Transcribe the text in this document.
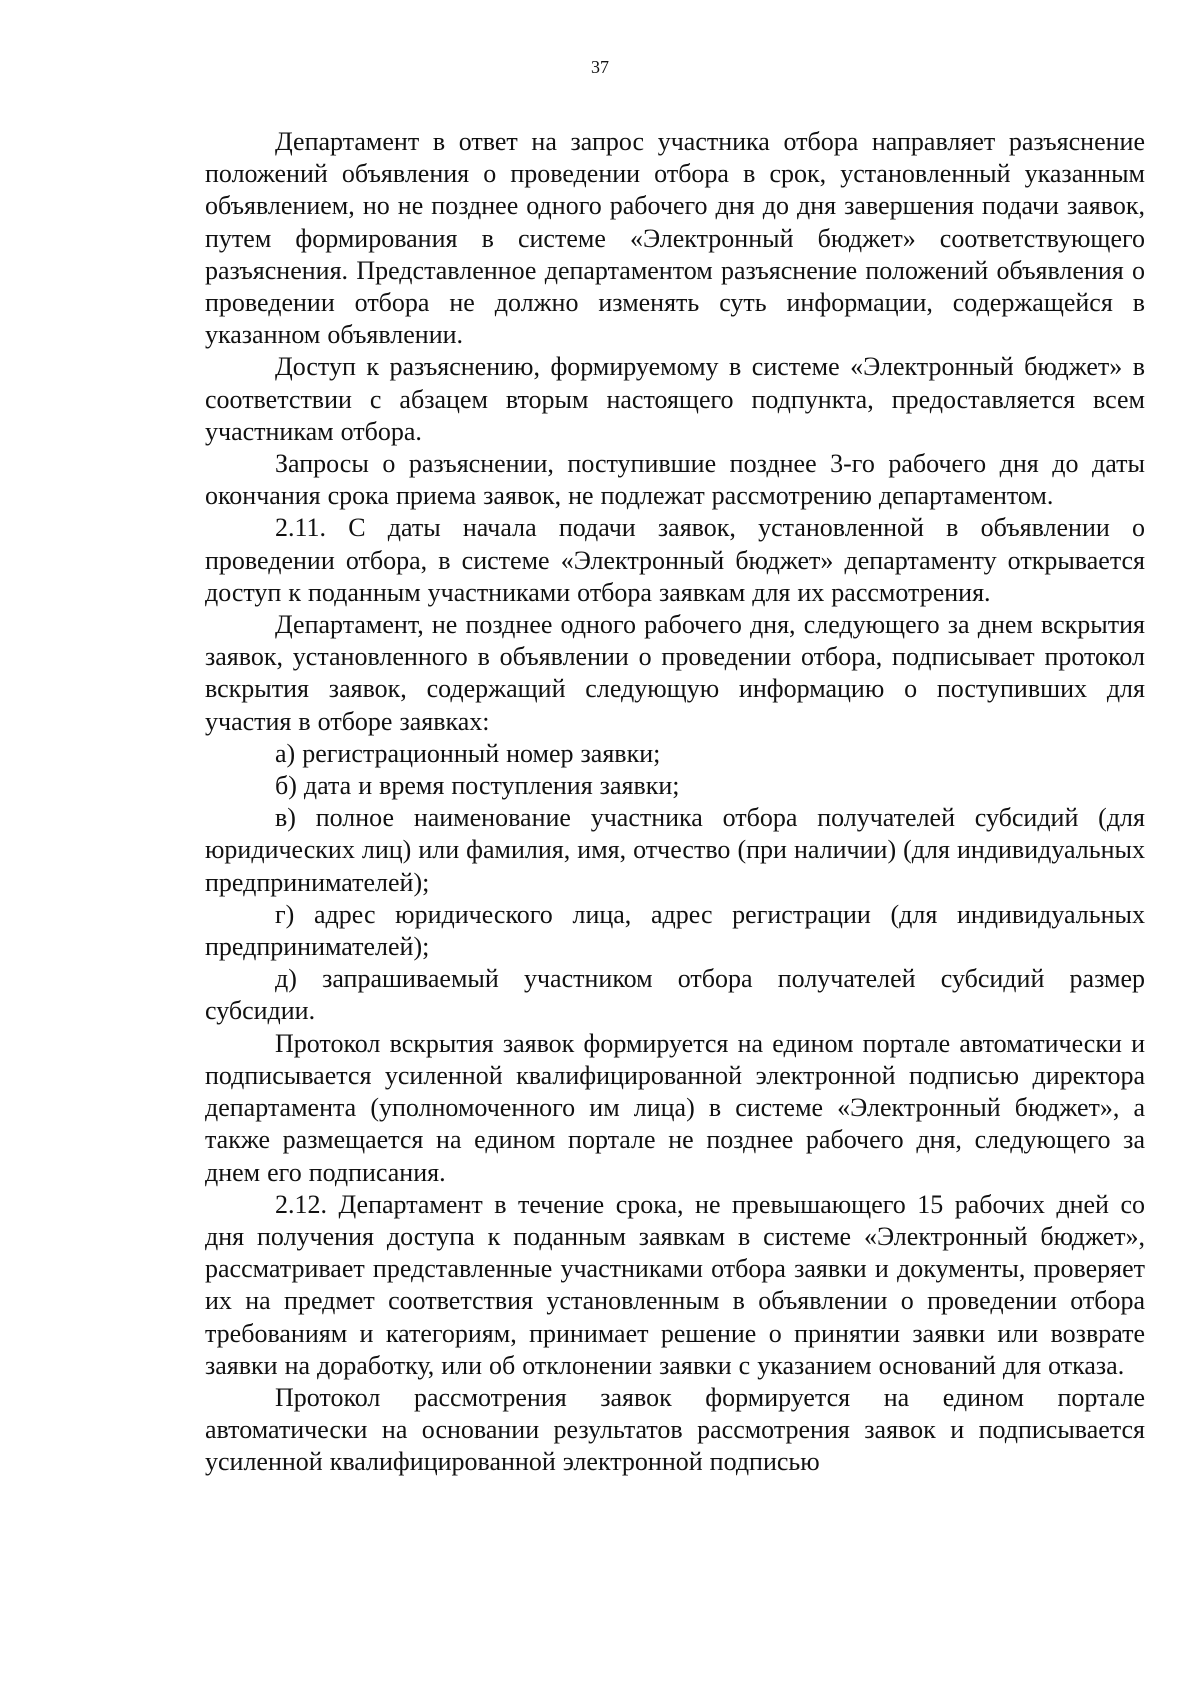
37

Департамент в ответ на запрос участника отбора направляет разъяснение положений объявления о проведении отбора в срок, установленный указанным объявлением, но не позднее одного рабочего дня до дня завершения подачи заявок, путем формирования в системе «Электронный бюджет» соответствующего разъяснения. Представленное департаментом разъяснение положений объявления о проведении отбора не должно изменять суть информации, содержащейся в указанном объявлении.

Доступ к разъяснению, формируемому в системе «Электронный бюджет» в соответствии с абзацем вторым настоящего подпункта, предоставляется всем участникам отбора.

Запросы о разъяснении, поступившие позднее 3-го рабочего дня до даты окончания срока приема заявок, не подлежат рассмотрению департаментом.

2.11. С даты начала подачи заявок, установленной в объявлении о проведении отбора, в системе «Электронный бюджет» департаменту открывается доступ к поданным участниками отбора заявкам для их рассмотрения.

Департамент, не позднее одного рабочего дня, следующего за днем вскрытия заявок, установленного в объявлении о проведении отбора, подписывает протокол вскрытия заявок, содержащий следующую информацию о поступивших для участия в отборе заявках:

а) регистрационный номер заявки;

б) дата и время поступления заявки;

в) полное наименование участника отбора получателей субсидий (для юридических лиц) или фамилия, имя, отчество (при наличии) (для индивидуальных предпринимателей);

г) адрес юридического лица, адрес регистрации (для индивидуальных предпринимателей);

д) запрашиваемый участником отбора получателей субсидий размер субсидии.

Протокол вскрытия заявок формируется на едином портале автоматически и подписывается усиленной квалифицированной электронной подписью директора департамента (уполномоченного им лица) в системе «Электронный бюджет», а также размещается на едином портале не позднее рабочего дня, следующего за днем его подписания.

2.12. Департамент в течение срока, не превышающего 15 рабочих дней со дня получения доступа к поданным заявкам в системе «Электронный бюджет», рассматривает представленные участниками отбора заявки и документы, проверяет их на предмет соответствия установленным в объявлении о проведении отбора требованиям и категориям, принимает решение о принятии заявки или возврате заявки на доработку, или об отклонении заявки с указанием оснований для отказа.

Протокол рассмотрения заявок формируется на едином портале автоматически на основании результатов рассмотрения заявок и подписывается усиленной квалифицированной электронной подписью
